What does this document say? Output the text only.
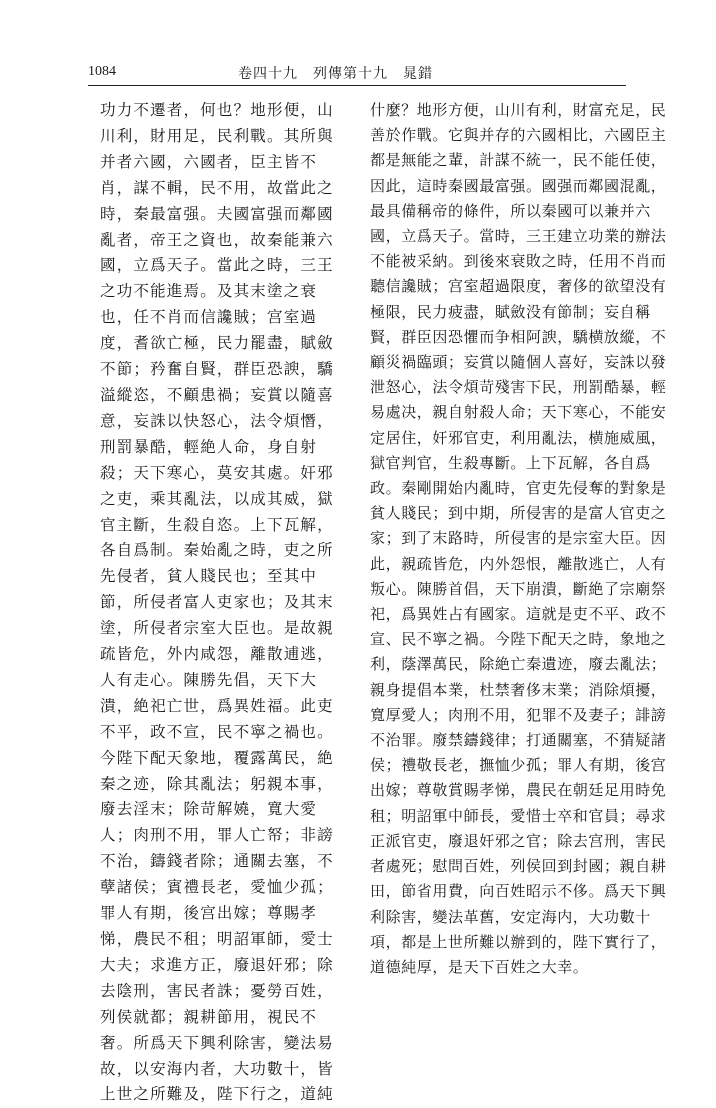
1084	卷四十九　列傳第十九　晁錯
功力不遷者，何也？地形便，山
川利，財用足，民利戰。其所與
并者六國，六國者，臣主皆不
肖，謀不輯，民不用，故當此之
時，秦最富强。夫國富强而鄰國
亂者，帝王之資也，故秦能兼六
國，立爲天子。當此之時，三王
之功不能進焉。及其末塗之衰
也，任不肖而信讒賊；宫室過
度，耆欲亡極，民力罷盡，賦斂
不節；矜奮自賢，群臣恐諛，驕
溢縱恣，不顧患禍；妄賞以隨喜
意，妄誅以快怒心，法令煩憯，
刑罰暴酷，輕絶人命，身自射
殺；天下寒心，莫安其處。奸邪
之吏，乘其亂法，以成其威，獄
官主斷，生殺自恣。上下瓦解，
各自爲制。秦始亂之時，吏之所
先侵者，貧人賤民也；至其中
節，所侵者富人吏家也；及其末
塗，所侵者宗室大臣也。是故親
疏皆危，外内咸怨，離散逋逃，
人有走心。陳勝先倡，天下大
潰，絶祀亡世，爲異姓福。此吏
不平，政不宣，民不寧之禍也。
今陛下配天象地，覆露萬民，絶
秦之迹，除其亂法；躬親本事，
廢去淫末；除苛解嬈，寬大愛
人；肉刑不用，罪人亡帑；非謗
不治，鑄錢者除；通關去塞，不
孽諸侯；賓禮長老，愛恤少孤；
罪人有期，後宫出嫁；尊賜孝
悌，農民不租；明詔軍師，愛士
大夫；求進方正，廢退奸邪；除
去陰刑，害民者誅；憂勞百姓，
列侯就都；親耕節用，視民不
奢。所爲天下興利除害，變法易
故，以安海内者，大功數十，皆
上世之所難及，陛下行之，道純
什麼？地形方便，山川有利，財富充足，民
善於作戰。它與并存的六國相比，六國臣主
都是無能之輩，計謀不統一，民不能任使，
因此，這時秦國最富强。國强而鄰國混亂，
最具備稱帝的條件，所以秦國可以兼并六
國，立爲天子。當時，三王建立功業的辦法
不能被采納。到後來衰敗之時，任用不肖而
聽信讒賊；宫室超過限度，奢侈的欲望没有
極限，民力疲盡，賦斂没有節制；妄自稱
賢，群臣因恐懼而争相阿諛，驕横放縱，不
顧災禍臨頭；妄賞以隨個人喜好，妄誅以發
泄怒心，法令煩苛殘害下民，刑罰酷暴，輕
易處决，親自射殺人命；天下寒心，不能安
定居住，奸邪官吏，利用亂法，横施威風，
獄官判官，生殺專斷。上下瓦解，各自爲
政。秦剛開始内亂時，官吏先侵奪的對象是
貧人賤民；到中期，所侵害的是富人官吏之
家；到了末路時，所侵害的是宗室大臣。因
此，親疏皆危，内外怨恨，離散逃亡，人有
叛心。陳勝首倡，天下崩潰，斷絶了宗廟祭
祀，爲異姓占有國家。這就是吏不平、政不
宣、民不寧之禍。今陛下配天之時，象地之
利，蔭澤萬民，除絶亡秦遺迹，廢去亂法；
親身提倡本業，杜禁奢侈末業；消除煩擾，
寬厚愛人；肉刑不用，犯罪不及妻子；誹謗
不治罪。廢禁鑄錢律；打通關塞，不猜疑諸
侯；禮敬長老，撫恤少孤；罪人有期，後宫
出嫁；尊敬賞賜孝悌，農民在朝廷足用時免
租；明詔軍中師長，愛惜士卒和官員；尋求
正派官吏，廢退奸邪之官；除去宫刑，害民
者處死；慰問百姓，列侯回到封國；親自耕
田，節省用費，向百姓昭示不侈。爲天下興
利除害，變法革舊，安定海内，大功數十
項，都是上世所難以辦到的，陛下實行了，
道德純厚，是天下百姓之大幸。
